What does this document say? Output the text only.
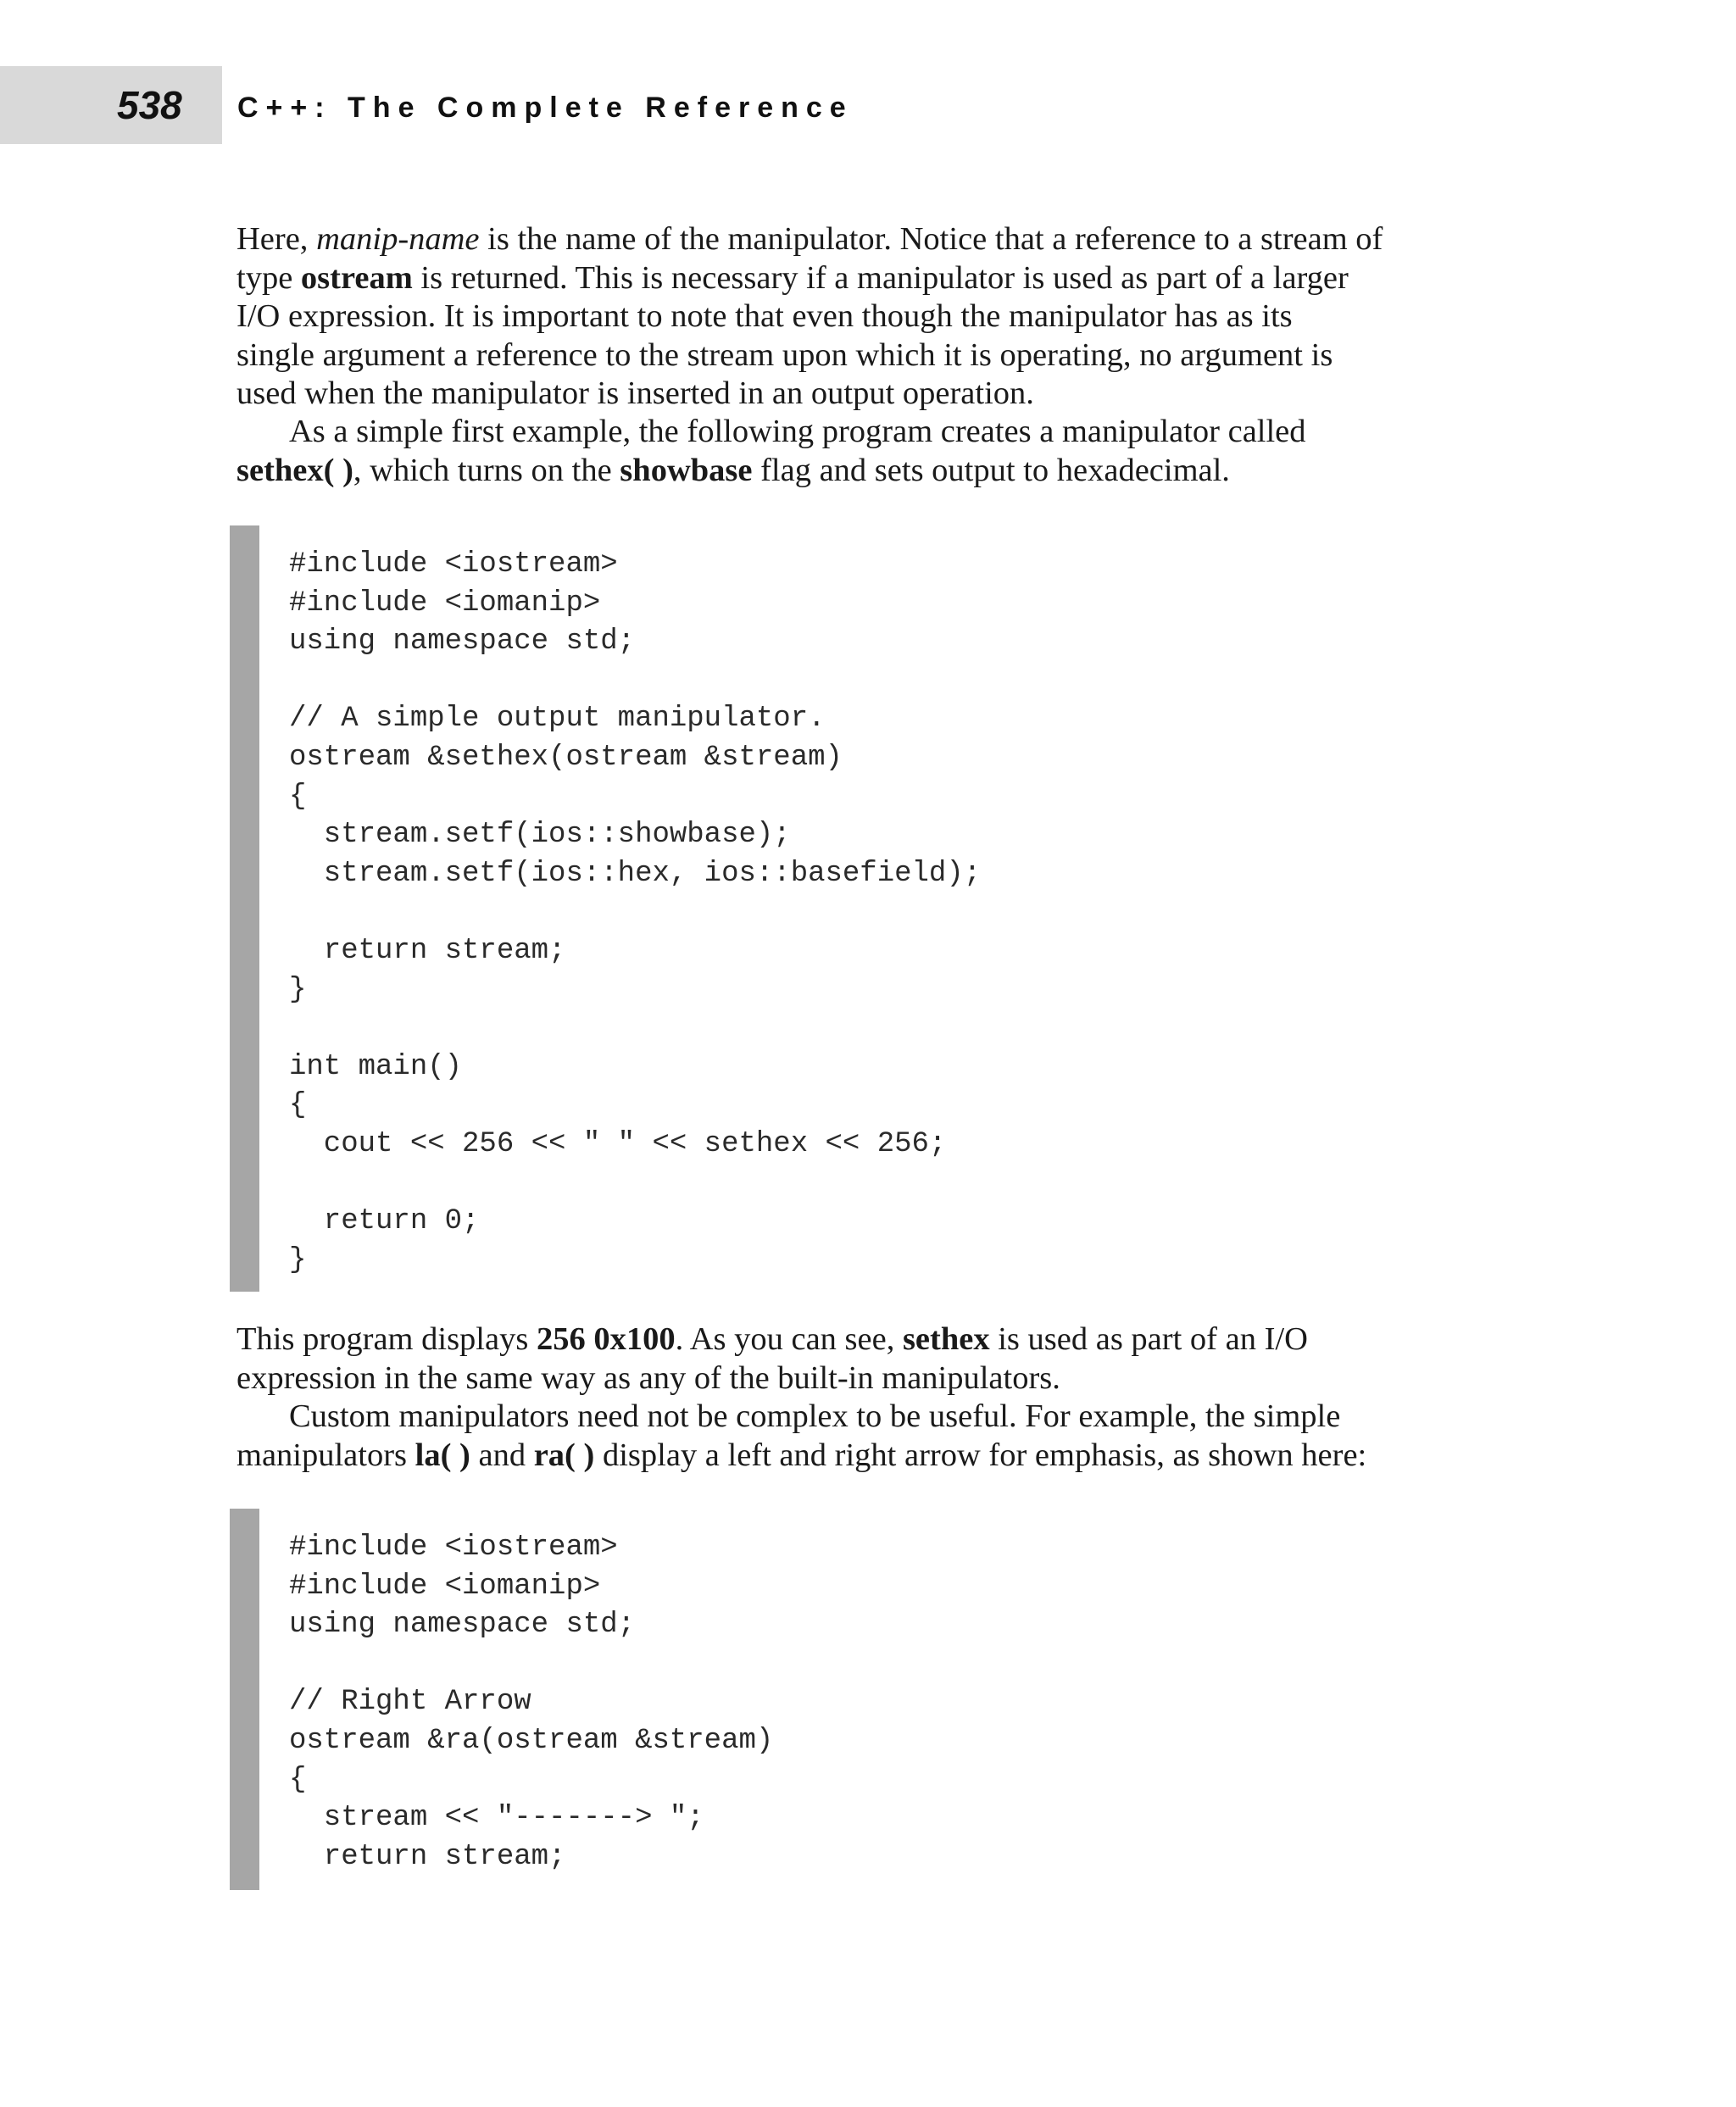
538 C++: The Complete Reference
Here, manip-name is the name of the manipulator. Notice that a reference to a stream of
type ostream is returned. This is necessary if a manipulator is used as part of a larger
I/O expression. It is important to note that even though the manipulator has as its
single argument a reference to the stream upon which it is operating, no argument is
used when the manipulator is inserted in an output operation.
As a simple first example, the following program creates a manipulator called
sethex( ), which turns on the showbase flag and sets output to hexadecimal.
#include <iostream>
#include <iomanip>
using namespace std;
// A simple output manipulator.
ostream &sethex(ostream &stream)
{
stream.setf(ios::showbase);
stream.setf(ios::hex, ios::basefield);
return stream;
}
int main()
{
cout << 256 << " " << sethex << 256;
return 0;
}
This program displays 256 0x100. As you can see, sethex is used as part of an I/O
expression in the same way as any of the built-in manipulators.
Custom manipulators need not be complex to be useful. For example, the simple
manipulators la( ) and ra( ) display a left and right arrow for emphasis, as shown here:
#include <iostream>
#include <iomanip>
using namespace std;
// Right Arrow
ostream &ra(ostream &stream)
{
stream << "-------> ";
return stream;
